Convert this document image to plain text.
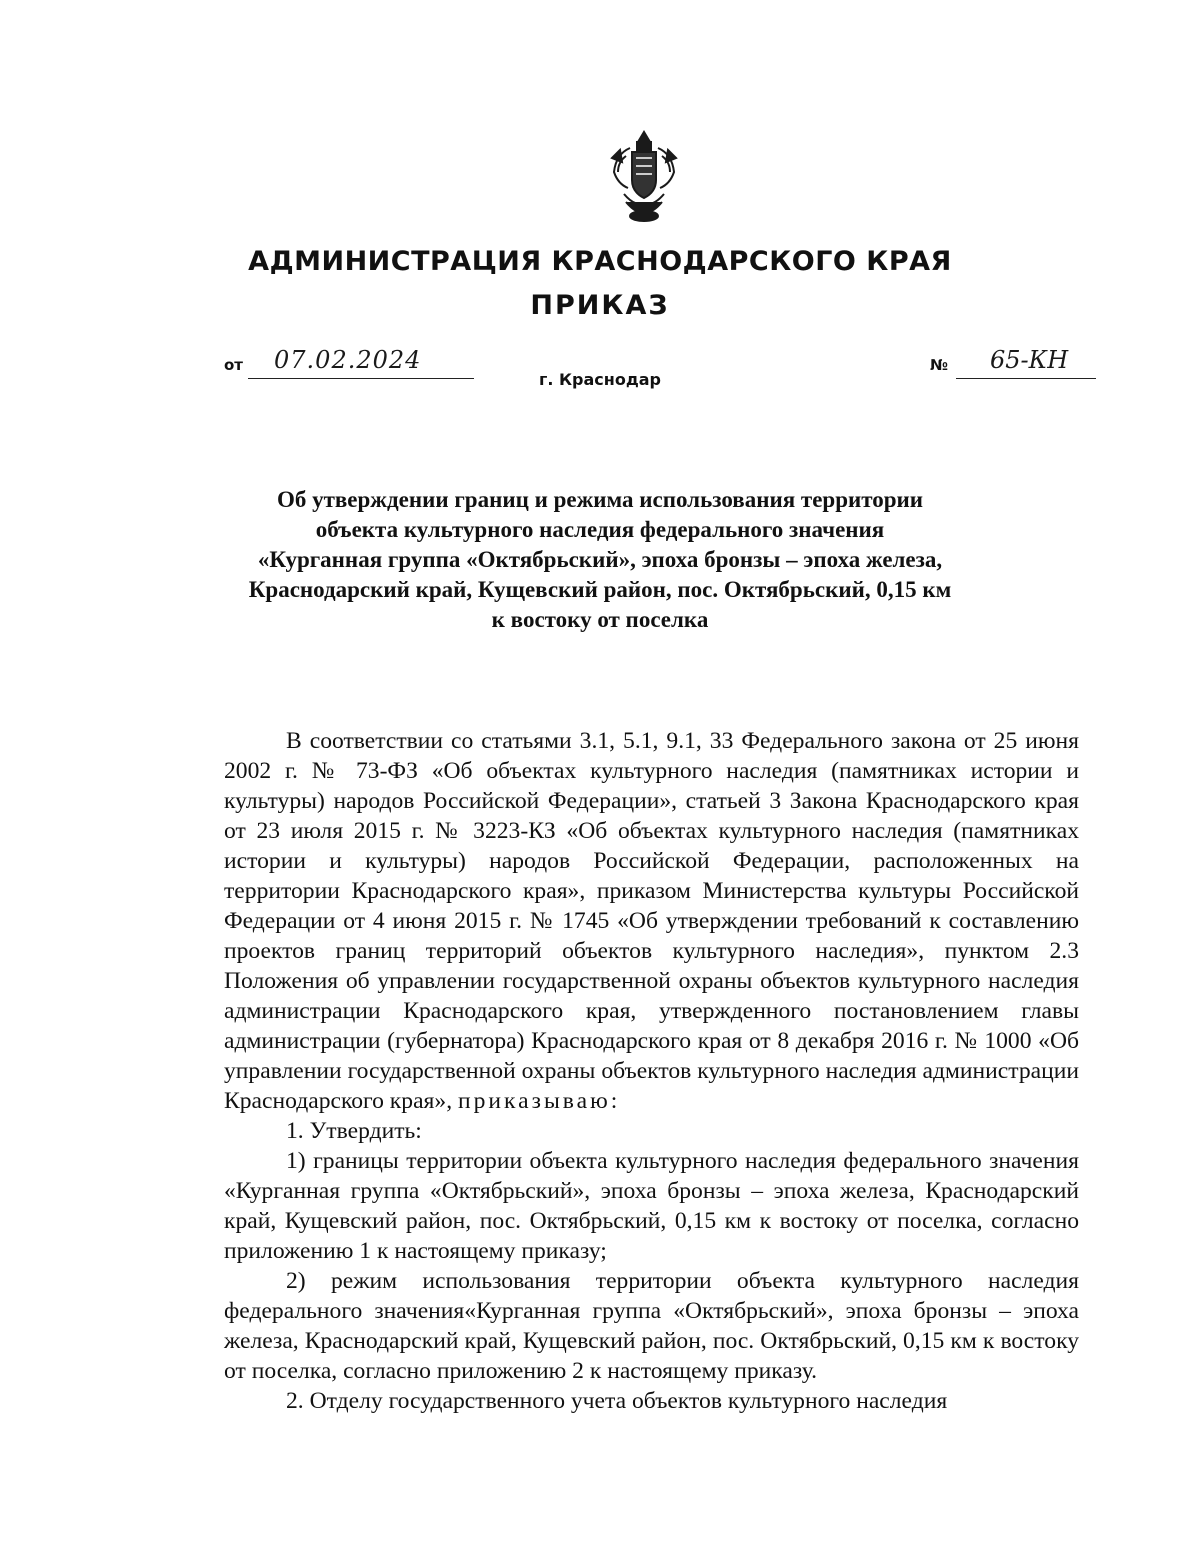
АДМИНИСТРАЦИЯ КРАСНОДАРСКОГО КРАЯ
ПРИКАЗ
от 07.02.2024	№ 65-КН
г. Краснодар
Об утверждении границ и режима использования территории
объекта культурного наследия федерального значения
«Курганная группа «Октябрьский», эпоха бронзы – эпоха железа,
Краснодарский край, Кущевский район, пос. Октябрьский, 0,15 км
к востоку от поселка

В соответствии со статьями 3.1, 5.1, 9.1, 33 Федерального закона от 25 июня 2002 г. № 73-ФЗ «Об объектах культурного наследия (памятниках истории и культуры) народов Российской Федерации», статьей 3 Закона Краснодарского края от 23 июля 2015 г. № 3223-КЗ «Об объектах культурного наследия (памятниках истории и культуры) народов Российской Федерации, расположенных на территории Краснодарского края», приказом Министерства культуры Российской Федерации от 4 июня 2015 г. № 1745 «Об утверждении требований к составлению проектов границ территорий объектов культурного наследия», пунктом 2.3 Положения об управлении государственной охраны объектов культурного наследия администрации Краснодарского края, утвержденного постановлением главы администрации (губернатора) Краснодарского края от 8 декабря 2016 г. № 1000 «Об управлении государственной охраны объектов культурного наследия администрации Краснодарского края», приказываю:

1. Утвердить:

1) границы территории объекта культурного наследия федерального значения «Курганная группа «Октябрьский», эпоха бронзы – эпоха железа, Краснодарский край, Кущевский район, пос. Октябрьский, 0,15 км к востоку от поселка, согласно приложению 1 к настоящему приказу;

2) режим использования территории объекта культурного наследия федерального значения«Курганная группа «Октябрьский», эпоха бронзы – эпоха железа, Краснодарский край, Кущевский район, пос. Октябрьский, 0,15 км к востоку от поселка, согласно приложению 2 к настоящему приказу.

2. Отделу государственного учета объектов культурного наследия
